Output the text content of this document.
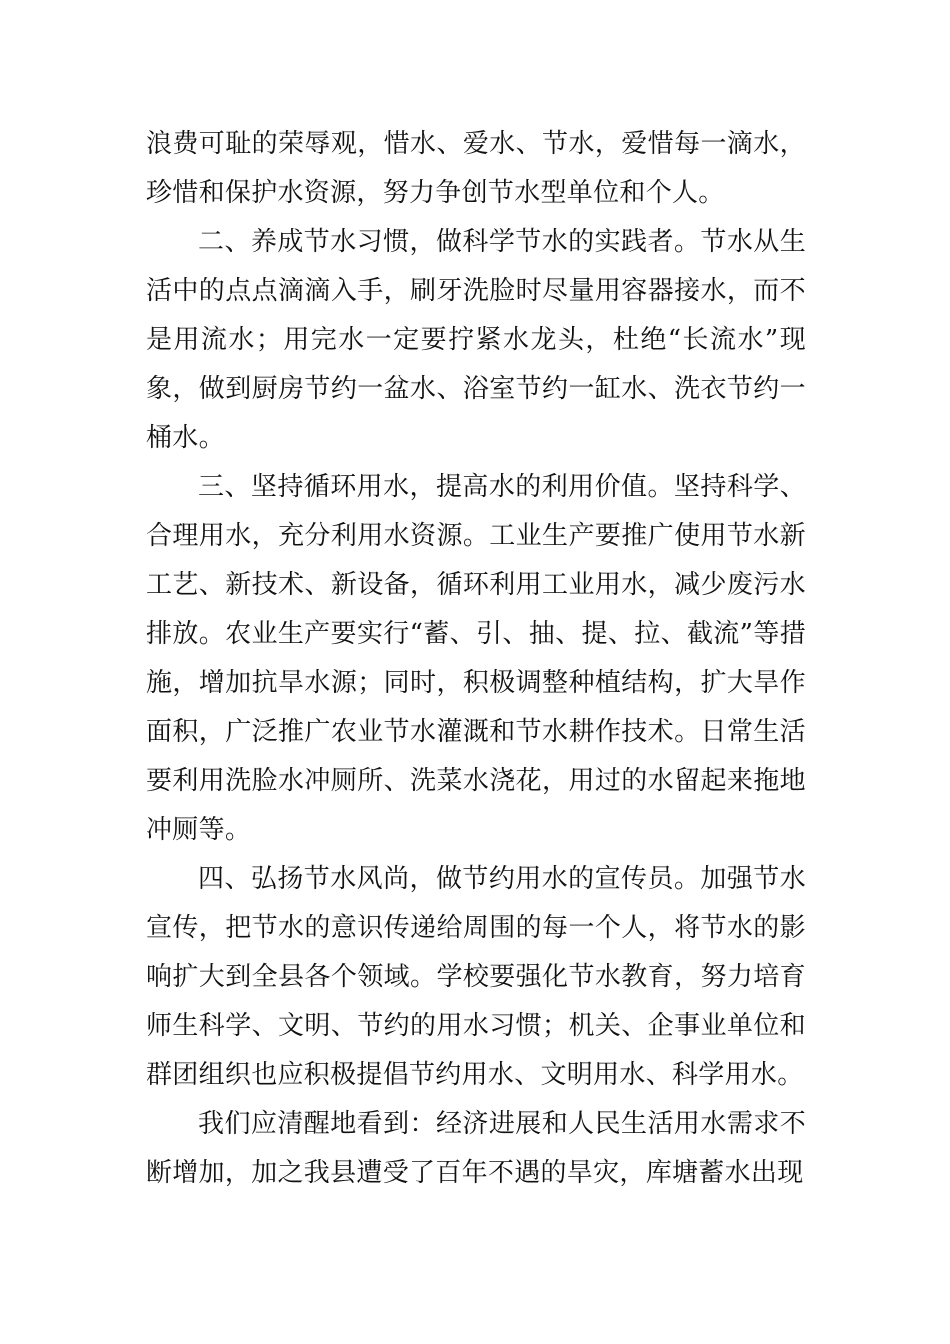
浪费可耻的荣辱观，惜水、爱水、节水，爱惜每一滴水，珍惜和保护水资源，努力争创节水型单位和个人。

二、养成节水习惯，做科学节水的实践者。节水从生活中的点点滴滴入手，刷牙洗脸时尽量用容器接水，而不是用流水；用完水一定要拧紧水龙头，杜绝“长流水”现象，做到厨房节约一盆水、浴室节约一缸水、洗衣节约一桶水。

三、坚持循环用水，提高水的利用价值。坚持科学、合理用水，充分利用水资源。工业生产要推广使用节水新工艺、新技术、新设备，循环利用工业用水，减少废污水排放。农业生产要实行“蓄、引、抽、提、拉、截流”等措施，增加抗旱水源；同时，积极调整种植结构，扩大旱作面积，广泛推广农业节水灌溉和节水耕作技术。日常生活要利用洗脸水冲厕所、洗菜水浇花，用过的水留起来拖地冲厕等。

四、弘扬节水风尚，做节约用水的宣传员。加强节水宣传，把节水的意识传递给周围的每一个人，将节水的影响扩大到全县各个领域。学校要强化节水教育，努力培育师生科学、文明、节约的用水习惯；机关、企事业单位和群团组织也应积极提倡节约用水、文明用水、科学用水。

我们应清醒地看到：经济进展和人民生活用水需求不断增加，加之我县遭受了百年不遇的旱灾，库塘蓄水出现
